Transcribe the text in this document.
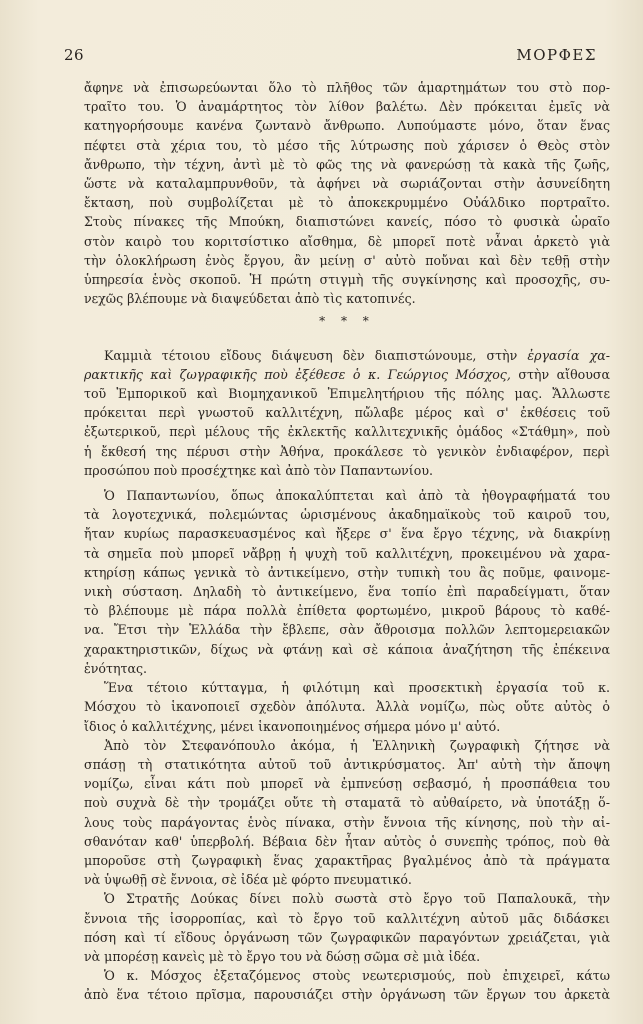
26	ΜΟΡΦΕΣ

ἄφηνε νὰ ἐπισωρεύωνται ὅλο τὸ πλῆθος τῶν ἁμαρτημάτων του στὸ πορ-
τραῖτο του. Ὁ ἀναμάρτητος τὸν λίθον βαλέτω. Δὲν πρόκειται ἐμεῖς νὰ
κατηγορήσουμε κανένα ζωντανὸ ἄνθρωπο. Λυπούμαστε μόνο, ὅταν ἕνας
πέφτει στὰ χέρια του, τὸ μέσο τῆς λύτρωσης ποὺ χάρισεν ὁ Θεὸς στὸν
ἄνθρωπο, τὴν τέχνη, ἀντὶ μὲ τὸ φῶς της νὰ φανερώσῃ τὰ κακὰ τῆς ζωῆς,
ὥστε νὰ καταλαμπρυνθοῦν, τὰ ἀφήνει νὰ σωριάζονται στὴν ἀσυνείδητη
ἔκταση, ποὺ συμβολίζεται μὲ τὸ ἀποκεκρυμμένο Οὐάλδικο πορτραῖτο.
Στοὺς πίνακες τῆς Μπούκη, διαπιστώνει κανείς, πόσο τὸ φυσικὰ ὡραῖο
στὸν καιρὸ του κοριτσίστικο αἴσθημα, δὲ μπορεῖ ποτὲ νἆναι ἀρκετὸ γιὰ
τὴν ὁλοκλήρωση ἑνὸς ἔργου, ἂν μείνῃ σ' αὐτὸ ποὔναι καὶ δὲν τεθῇ στὴν
ὑπηρεσία ἑνὸς σκοποῦ. Ἡ πρώτη στιγμὴ τῆς συγκίνησης καὶ προσοχῆς, συ-
νεχῶς βλέπουμε νὰ διαψεύδεται ἀπὸ τὶς κατοπινές.

* * *

Καμμιὰ τέτοιου εἴδους διάψευση δὲν διαπιστώνουμε, στὴν ἐργασία χα-
ρακτικῆς καὶ ζωγραφικῆς ποὺ ἐξέθεσε ὁ κ. Γεώργιος Μόσχος, στὴν αἴθουσα
τοῦ Ἐμπορικοῦ καὶ Βιομηχανικοῦ Ἐπιμελητήριου τῆς πόλης μας. Ἄλλωστε
πρόκειται περὶ γνωστοῦ καλλιτέχνη, πὤλαβε μέρος καὶ σ' ἐκθέσεις τοῦ
ἐξωτερικοῦ, περὶ μέλους τῆς ἐκλεκτῆς καλλιτεχνικῆς ὁμάδος «Στάθμη», ποὺ
ἡ ἔκθεσή της πέρυσι στὴν Ἀθήνα, προκάλεσε τὸ γενικὸν ἐνδιαφέρον, περὶ
προσώπου ποὺ προσέχτηκε καὶ ἀπὸ τὸν Παπαντωνίου.

Ὁ Παπαντωνίου, ὅπως ἀποκαλύπτεται καὶ ἀπὸ τὰ ἠθογραφήματά του
τὰ λογοτεχνικά, πολεμώντας ὡρισμένους ἀκαδημαϊκοὺς τοῦ καιροῦ του,
ἤταν κυρίως παρασκευασμένος καὶ ἤξερε σ' ἕνα ἔργο τέχνης, νὰ διακρίνῃ
τὰ σημεῖα ποὺ μπορεῖ νἄβρῃ ἡ ψυχὴ τοῦ καλλιτέχνη, προκειμένου νὰ χαρα-
κτηρίσῃ κάπως γενικὰ τὸ ἀντικείμενο, στὴν τυπικὴ του ἂς ποῦμε, φαινομε-
νικὴ σύσταση. Δηλαδὴ τὸ ἀντικείμενο, ἕνα τοπίο ἐπὶ παραδείγματι, ὅταν
τὸ βλέπουμε μὲ πάρα πολλὰ ἐπίθετα φορτωμένο, μικροῦ βάρους τὸ καθέ-
να. Ἔτσι τὴν Ἑλλάδα τὴν ἔβλεπε, σὰν ἄθροισμα πολλῶν λεπτομερειακῶν
χαρακτηριστικῶν, δίχως νὰ φτάνῃ καὶ σὲ κάποια ἀναζήτηση τῆς ἐπέκεινα
ἑνότητας.

Ἕνα τέτοιο κύτταγμα, ἡ φιλότιμη καὶ προσεκτικὴ ἐργασία τοῦ κ.
Μόσχου τὸ ἱκανοποιεῖ σχεδὸν ἀπόλυτα. Ἀλλὰ νομίζω, πὼς οὔτε αὐτὸς ὁ
ἴδιος ὁ καλλιτέχνης, μένει ἱκανοποιημένος σήμερα μόνο μ' αὐτό.

Ἀπὸ τὸν Στεφανόπουλο ἀκόμα, ἡ Ἑλληνικὴ ζωγραφικὴ ζήτησε νὰ
σπάσῃ τὴ στατικότητα αὐτοῦ τοῦ ἀντικρύσματος. Ἀπ' αὐτὴ τὴν ἄποψη
νομίζω, εἶναι κάτι ποὺ μπορεῖ νὰ ἐμπνεύσῃ σεβασμό, ἡ προσπάθεια του
ποὺ συχνὰ δὲ τὴν τρομάζει οὔτε τὴ σταματᾶ τὸ αὐθαίρετο, νὰ ὑποτάξῃ ὅ-
λους τοὺς παράγοντας ἑνὸς πίνακα, στὴν ἔννοια τῆς κίνησης, ποὺ τὴν αἰ-
σθανόταν καθ' ὑπερβολή. Βέβαια δὲν ἦταν αὐτὸς ὁ συνεπὴς τρόπος, ποὺ θὰ
μποροῦσε στὴ ζωγραφικὴ ἕνας χαρακτῆρας βγαλμένος ἀπὸ τὰ πράγματα
νὰ ὑψωθῇ σὲ ἔννοια, σὲ ἰδέα μὲ φόρτο πνευματικό.

Ὁ Στρατῆς Δούκας δίνει πολὺ σωστὰ στὸ ἔργο τοῦ Παπαλουκᾶ, τὴν
ἔννοια τῆς ἰσορροπίας, καὶ τὸ ἔργο τοῦ καλλιτέχνη αὐτοῦ μᾶς διδάσκει
πόση καὶ τί εἴδους ὀργάνωση τῶν ζωγραφικῶν παραγόντων χρειάζεται, γιὰ
νὰ μπορέσῃ κανεὶς μὲ τὸ ἔργο του νὰ δώσῃ σῶμα σὲ μιὰ ἰδέα.

Ὁ κ. Μόσχος ἐξεταζόμενος στοὺς νεωτερισμούς, ποὺ ἐπιχειρεῖ, κάτω
ἀπὸ ἕνα τέτοιο πρῖσμα, παρουσιάζει στὴν ὀργάνωση τῶν ἔργων του ἀρκετὰ
